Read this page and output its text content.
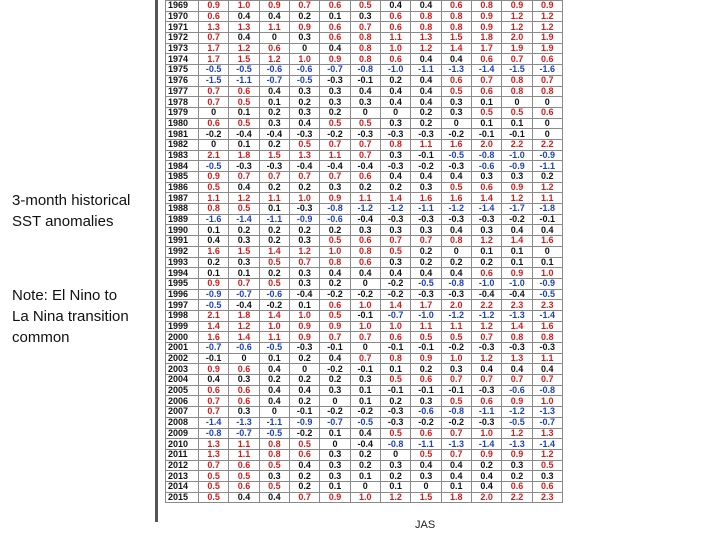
3-month historical
SST anomalies

Note: El Nino to
La Nina transition
common

1969	0.9	1.0	0.9	0.7	0.6	0.5	0.4	0.4	0.6	0.8	0.9	0.9
1970	0.6	0.4	0.4	0.2	0.1	0.3	0.6	0.8	0.8	0.9	1.2	1.2
1971	1.3	1.3	1.1	0.9	0.6	0.7	0.6	0.8	0.8	0.9	1.2	1.2
1972	0.7	0.4	0	0.3	0.6	0.8	1.1	1.3	1.5	1.8	2.0	1.9
1973	1.7	1.2	0.6	0	0.4	0.8	1.0	1.2	1.4	1.7	1.9	1.9
1974	1.7	1.5	1.2	1.0	0.9	0.8	0.6	0.4	0.4	0.6	0.7	0.6
1975	-0.5	-0.5	-0.6	-0.6	-0.7	-0.8	-1.0	-1.1	-1.3	-1.4	-1.5	-1.6
1976	-1.5	-1.1	-0.7	-0.5	-0.3	-0.1	0.2	0.4	0.6	0.7	0.8	0.7
1977	0.7	0.6	0.4	0.3	0.3	0.4	0.4	0.4	0.5	0.6	0.8	0.8
1978	0.7	0.5	0.1	0.2	0.3	0.3	0.4	0.4	0.3	0.1	0	0
1979	0	0.1	0.2	0.3	0.2	0	0	0.2	0.3	0.5	0.5	0.6
1980	0.6	0.5	0.3	0.4	0.5	0.5	0.3	0.2	0	0.1	0.1	0
1981	-0.2	-0.4	-0.4	-0.3	-0.2	-0.3	-0.3	-0.3	-0.2	-0.1	-0.1	0
1982	0	0.1	0.2	0.5	0.7	0.7	0.8	1.1	1.6	2.0	2.2	2.2
1983	2.1	1.8	1.5	1.3	1.1	0.7	0.3	-0.1	-0.5	-0.8	-1.0	-0.9
1984	-0.5	-0.3	-0.3	-0.4	-0.4	-0.4	-0.3	-0.2	-0.3	-0.6	-0.9	-1.1
1985	0.9	0.7	0.7	0.7	0.7	0.6	0.4	0.4	0.4	0.3	0.3	0.2
1986	0.5	0.4	0.2	0.2	0.3	0.2	0.2	0.3	0.5	0.6	0.9	1.2
1987	1.1	1.2	1.1	1.0	0.9	1.1	1.4	1.6	1.6	1.4	1.2	1.1
1988	0.8	0.5	0.1	-0.3	-0.8	-1.2	-1.2	-1.1	-1.2	-1.4	-1.7	-1.8
1989	-1.6	-1.4	-1.1	-0.9	-0.6	-0.4	-0.3	-0.3	-0.3	-0.3	-0.2	-0.1
1990	0.1	0.2	0.2	0.2	0.2	0.3	0.3	0.3	0.4	0.3	0.4	0.4
1991	0.4	0.3	0.2	0.3	0.5	0.6	0.7	0.7	0.8	1.2	1.4	1.6
1992	1.6	1.5	1.4	1.2	1.0	0.8	0.5	0.2	0	0.1	0.1	0
1993	0.2	0.3	0.5	0.7	0.8	0.6	0.3	0.2	0.2	0.2	0.1	0.1
1994	0.1	0.1	0.2	0.3	0.4	0.4	0.4	0.4	0.4	0.6	0.9	1.0
1995	0.9	0.7	0.5	0.3	0.2	0	-0.2	-0.5	-0.8	-1.0	-1.0	-0.9
1996	-0.9	-0.7	-0.6	-0.4	-0.2	-0.2	-0.2	-0.3	-0.3	-0.4	-0.4	-0.5
1997	-0.5	-0.4	-0.2	0.1	0.6	1.0	1.4	1.7	2.0	2.2	2.3	2.3
1998	2.1	1.8	1.4	1.0	0.5	-0.1	-0.7	-1.0	-1.2	-1.2	-1.3	-1.4
1999	1.4	1.2	1.0	0.9	0.9	1.0	1.0	1.1	1.1	1.2	1.4	1.6
2000	1.6	1.4	1.1	0.9	0.7	0.7	0.6	0.5	0.5	0.7	0.8	0.8
2001	-0.7	-0.6	-0.5	-0.3	-0.1	0	-0.1	-0.1	-0.2	-0.3	-0.3	-0.3
2002	-0.1	0	0.1	0.2	0.4	0.7	0.8	0.9	1.0	1.2	1.3	1.1
2003	0.9	0.6	0.4	0	-0.2	-0.1	0.1	0.2	0.3	0.4	0.4	0.4
2004	0.4	0.3	0.2	0.2	0.2	0.3	0.5	0.6	0.7	0.7	0.7	0.7
2005	0.6	0.6	0.4	0.4	0.3	0.1	-0.1	-0.1	-0.1	-0.3	-0.6	-0.8
2006	0.7	0.6	0.4	0.2	0	0.1	0.2	0.3	0.5	0.6	0.9	1.0
2007	0.7	0.3	0	-0.1	-0.2	-0.2	-0.3	-0.6	-0.8	-1.1	-1.2	-1.3
2008	-1.4	-1.3	-1.1	-0.9	-0.7	-0.5	-0.3	-0.2	-0.2	-0.3	-0.5	-0.7
2009	-0.8	-0.7	-0.5	-0.2	0.1	0.4	0.5	0.6	0.7	1.0	1.2	1.3
2010	1.3	1.1	0.8	0.5	0	-0.4	-0.8	-1.1	-1.3	-1.4	-1.3	-1.4
2011	1.3	1.1	0.8	0.6	0.3	0.2	0	0.5	0.7	0.9	0.9	1.2
2012	0.7	0.6	0.5	0.4	0.3	0.2	0.3	0.4	0.4	0.2	0.3	0.5
2013	0.5	0.5	0.3	0.2	0.3	0.1	0.2	0.3	0.4	0.4	0.2	0.3
2014	0.5	0.6	0.5	0.2	0.1	0	0.1	0	0.1	0.4	0.6	0.6
2015	0.5	0.4	0.4	0.7	0.9	1.0	1.2	1.5	1.8	2.0	2.2	2.3
JAS
